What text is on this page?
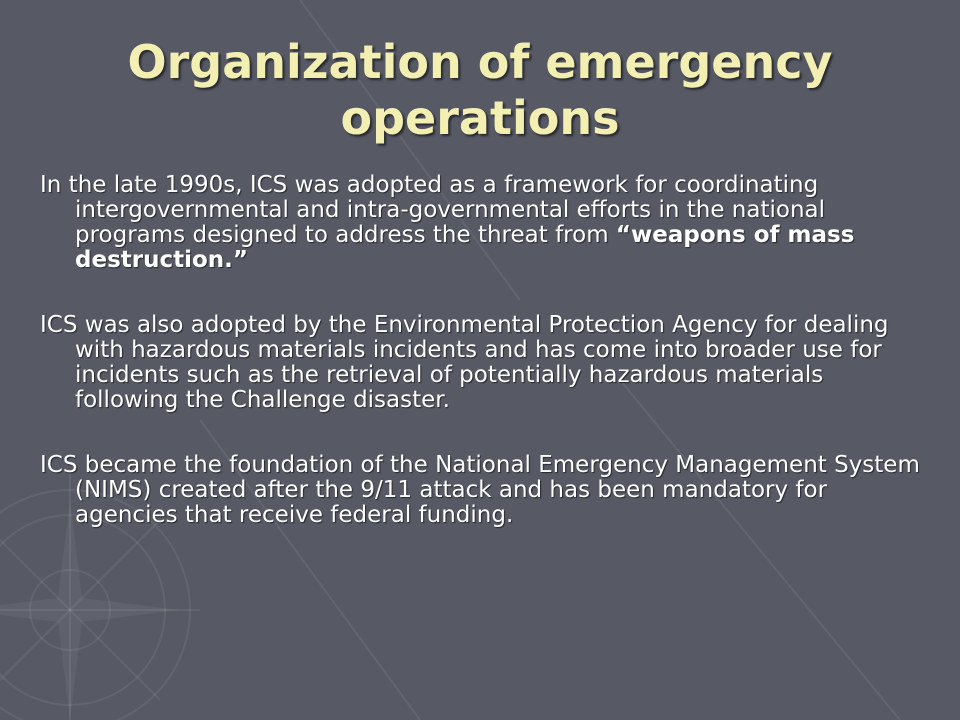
Organization of emergency
operations

In the late 1990s, ICS was adopted as a framework for coordinating intergovernmental and intra-governmental efforts in the national programs designed to address the threat from “weapons of mass destruction.”

ICS was also adopted by the Environmental Protection Agency for dealing with hazardous materials incidents and has come into broader use for incidents such as the retrieval of potentially hazardous materials following the Challenge disaster.

ICS became the foundation of the National Emergency Management System (NIMS) created after the 9/11 attack and has been mandatory for agencies that receive federal funding.
